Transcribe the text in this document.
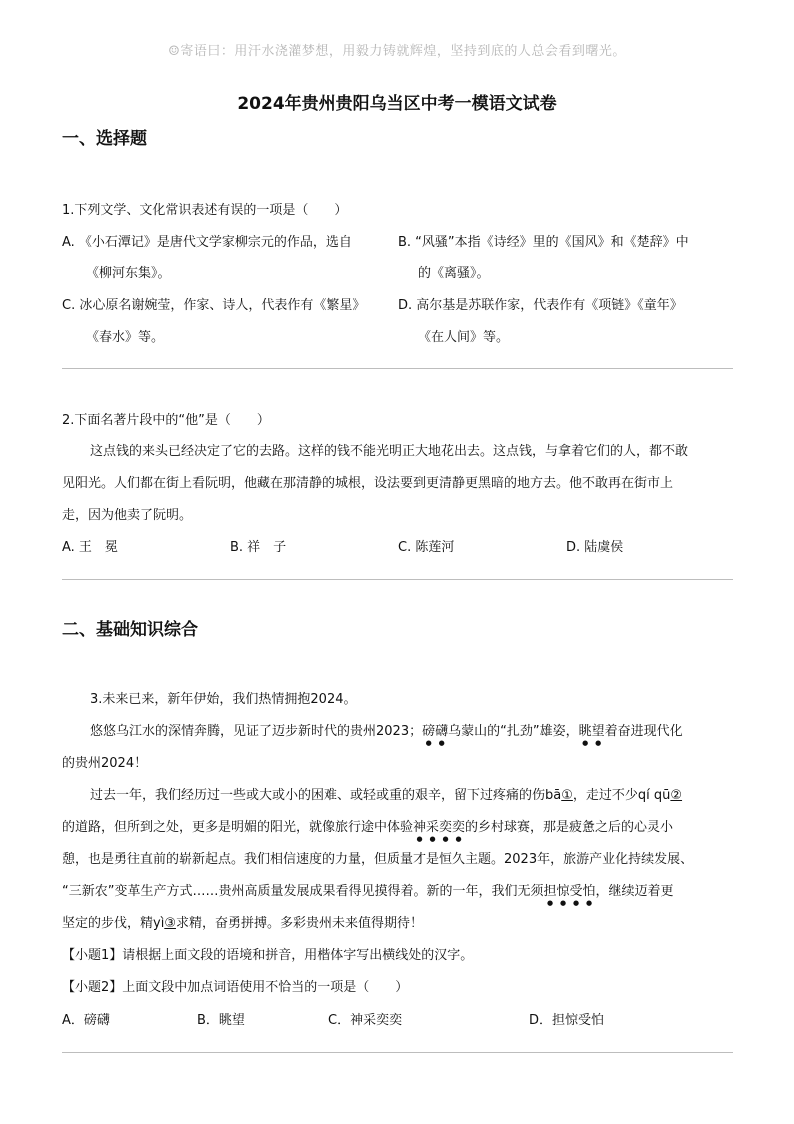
☺寄语曰：用汗水浇灌梦想，用毅力铸就辉煌，坚持到底的人总会看到曙光。
2024年贵州贵阳乌当区中考一模语文试卷
一、选择题
1.下列文学、文化常识表述有误的一项是（　　）
A. 《小石潭记》是唐代文学家柳宗元的作品，选自
《柳河东集》。
B. “风骚”本指《诗经》里的《国风》和《楚辞》中
的《离骚》。
C. 冰心原名谢婉莹，作家、诗人，代表作有《繁星》
《春水》等。
D. 高尔基是苏联作家，代表作有《项链》《童年》
《在人间》等。
2.下面名著片段中的“他”是（　　）
这点钱的来头已经决定了它的去路。这样的钱不能光明正大地花出去。这点钱，与拿着它们的人，都不敢
见阳光。人们都在街上看阮明，他藏在那清静的城根，设法要到更清静更黑暗的地方去。他不敢再在街市上
走，因为他卖了阮明。
A. 王　冕	B. 祥　子	C. 陈莲河	D. 陆虞侯
二、基础知识综合
3.未来已来，新年伊始，我们热情拥抱2024。
悠悠乌江水的深情奔腾，见证了迈步新时代的贵州2023；磅礴乌蒙山的“扎劲”雄姿，眺望着奋进现代化
的贵州2024！
过去一年，我们经历过一些或大或小的困难、或轻或重的艰辛，留下过疼痛的伤bā①，走过不少qí qū②
的道路，但所到之处，更多是明媚的阳光，就像旅行途中体验神采奕奕的乡村球赛，那是疲惫之后的心灵小
憩，也是勇往直前的崭新起点。我们相信速度的力量，但质量才是恒久主题。2023年，旅游产业化持续发展、
“三新农”变革生产方式……贵州高质量发展成果看得见摸得着。新的一年，我们无须担惊受怕，继续迈着更
坚定的步伐，精yì③求精，奋勇拼搏。多彩贵州未来值得期待！
【小题1】请根据上面文段的语境和拼音，用楷体字写出横线处的汉字。
【小题2】上面文段中加点词语使用不恰当的一项是（　　）
A．磅礴	B．眺望	C．神采奕奕	D．担惊受怕
